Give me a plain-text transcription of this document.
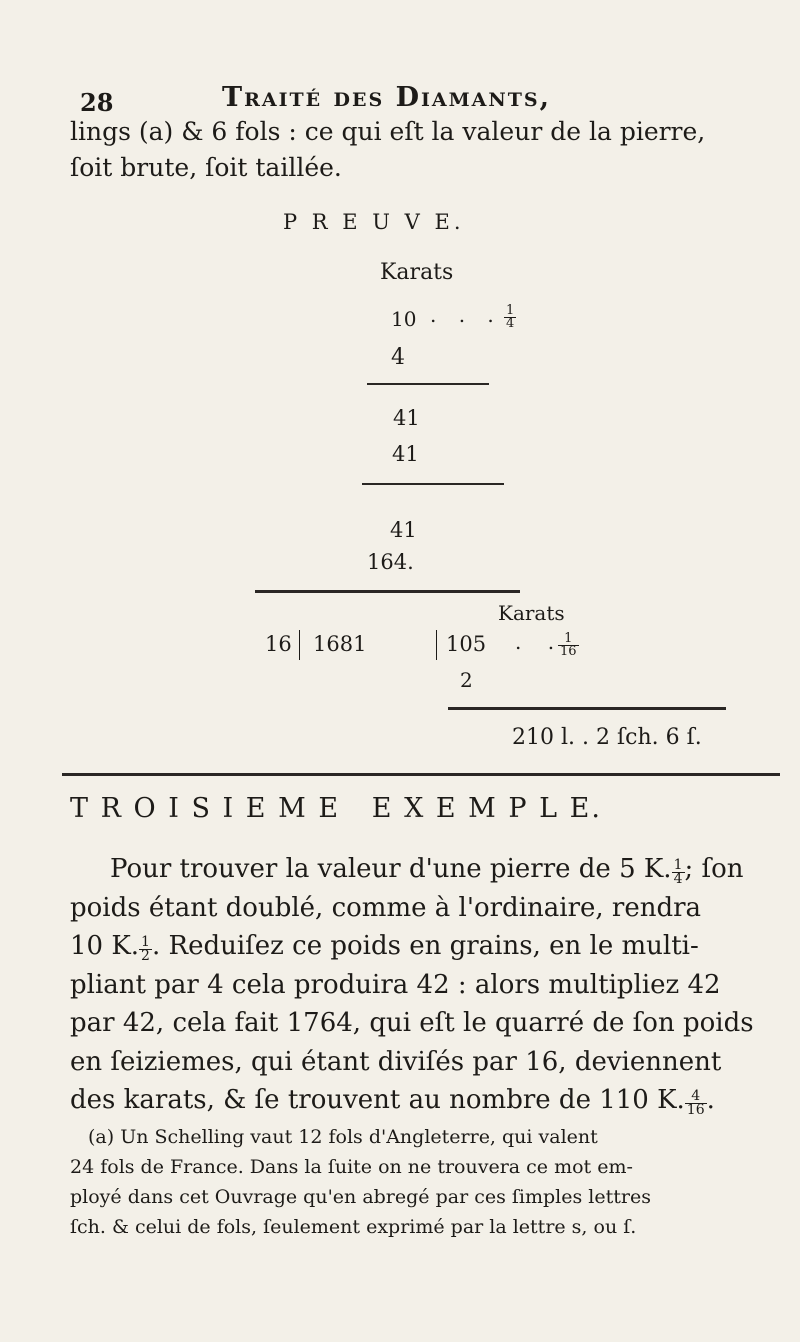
28	Traité des Diamants,
lings (a) & 6 fols : ce qui eſt la valeur de la pierre,
ſoit brute, ſoit taillée.
P R E U V E.
Karats
10 . . . $\frac{1}{4}$
4
41
41
41
164.
Karats
16 1681	105 . .
$\frac{1}{16}$
2
210 l. . 2 ſch. 6 ſ.
T R O I S I E M E   E X E M P L E.
Pour trouver la valeur d'une pierre de 5 K. $\frac{1}{4}$ ; ſon
poids étant doublé, comme à l'ordinaire, rendra
10 K. $\frac{1}{2}$ . Reduiſez ce poids en grains, en le multi-
pliant par 4 cela produira 42 : alors multipliez 42
par 42, cela fait 1764, qui eſt le quarré de ſon poids
en ſeiziemes, qui étant diviſés par 16, deviennent
des karats, & ſe trouvent au nombre de 110 K. $\frac{4}{16}$ .
(a) Un Schelling vaut 12 fols d'Angleterre, qui valent
24 fols de France. Dans la ſuite on ne trouvera ce mot em-
ployé dans cet Ouvrage qu'en abregé par ces ſimples lettres
ſch. & celui de fols, ſeulement exprimé par la lettre s, ou ſ.
